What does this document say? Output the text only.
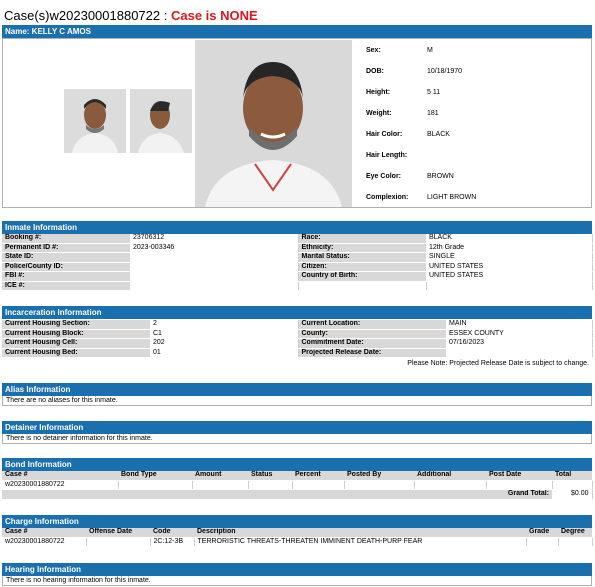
Case(s)w20230001880722 : Case is NONE
Name: KELLY C AMOS
Sex:	M
DOB:	10/18/1970
Height:	5 11
Weight:	181
Hair Color:	BLACK
Hair Length:
Eye Color:	BROWN
Complexion:	LIGHT BROWN
Inmate Information
Booking #:	23706312	Race:	BLACK
Permanent ID #:	2023-003346	Ethnicity:	12th Grade
State ID:		Marital Status:	SINGLE
Police/County ID:		Citizen:	UNITED STATES
FBI #:		Country of Birth:	UNITED STATES
ICE #:			
Incarceration Information
Current Housing Section:	2	Current Location:	MAIN
Current Housing Block:	C1	County:	ESSEX COUNTY
Current Housing Cell:	202	Commitment Date:	07/16/2023
Current Housing Bed:	01	Projected Release Date:	
Please Note: Projected Release Date is subject to change.
Alias Information
There are no aliases for this inmate.
Detainer Information
There is no detainer information for this inmate.
Bond Information
Case #	Bond Type	Amount	Status	Percent	Posted By	Additional	Post Date	Total
w20230001880722								
							Grand Total:	$0.00
Charge Information
Case #	Offense Date	Code	Description	Grade	Degree
w20230001880722		2C:12-3B	TERRORISTIC THREATS-THREATEN IMMINENT DEATH-PURP FEAR		
Hearing Information
There is no hearing information for this inmate.
